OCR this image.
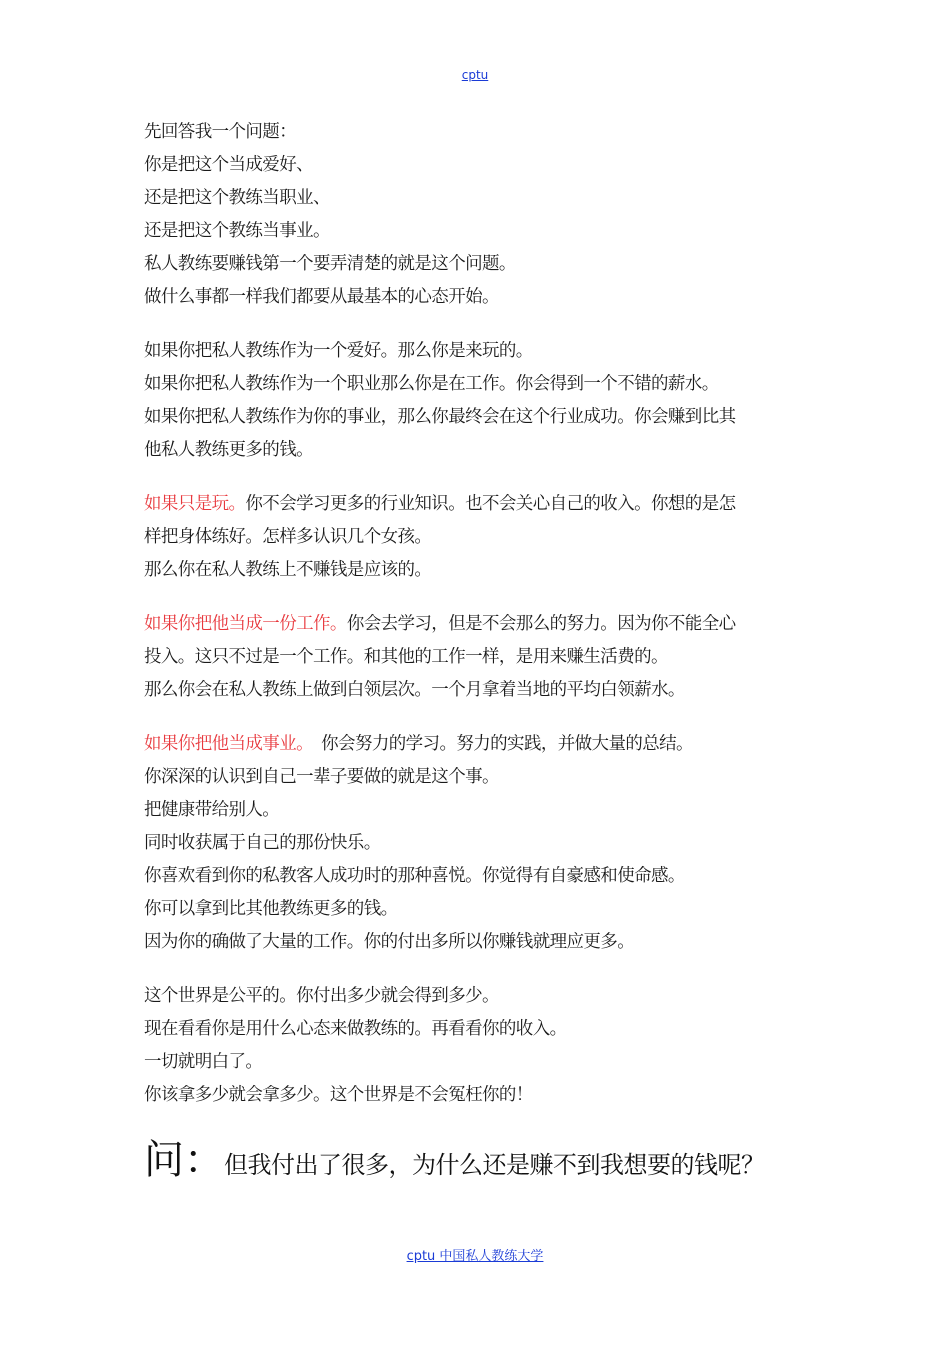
cptu
先回答我一个问题：
你是把这个当成爱好、
还是把这个教练当职业、
还是把这个教练当事业。
私人教练要赚钱第一个要弄清楚的就是这个问题。
做什么事都一样我们都要从最基本的心态开始。
如果你把私人教练作为一个爱好。那么你是来玩的。
如果你把私人教练作为一个职业那么你是在工作。你会得到一个不错的薪水。
如果你把私人教练作为你的事业，那么你最终会在这个行业成功。你会赚到比其
他私人教练更多的钱。
如果只是玩。你不会学习更多的行业知识。也不会关心自己的收入。你想的是怎
样把身体练好。怎样多认识几个女孩。
那么你在私人教练上不赚钱是应该的。
如果你把他当成一份工作。你会去学习，但是不会那么的努力。因为你不能全心
投入。这只不过是一个工作。和其他的工作一样，是用来赚生活费的。
那么你会在私人教练上做到白领层次。一个月拿着当地的平均白领薪水。
如果你把他当成事业。　你会努力的学习。努力的实践，并做大量的总结。
你深深的认识到自己一辈子要做的就是这个事。
把健康带给别人。
同时收获属于自己的那份快乐。
你喜欢看到你的私教客人成功时的那种喜悦。你觉得有自豪感和使命感。
你可以拿到比其他教练更多的钱。
因为你的确做了大量的工作。你的付出多所以你赚钱就理应更多。
这个世界是公平的。你付出多少就会得到多少。
现在看看你是用什么心态来做教练的。再看看你的收入。
一切就明白了。
你该拿多少就会拿多少。这个世界是不会冤枉你的！
问：但我付出了很多，为什么还是赚不到我想要的钱呢？
cptu 中国私人教练大学
